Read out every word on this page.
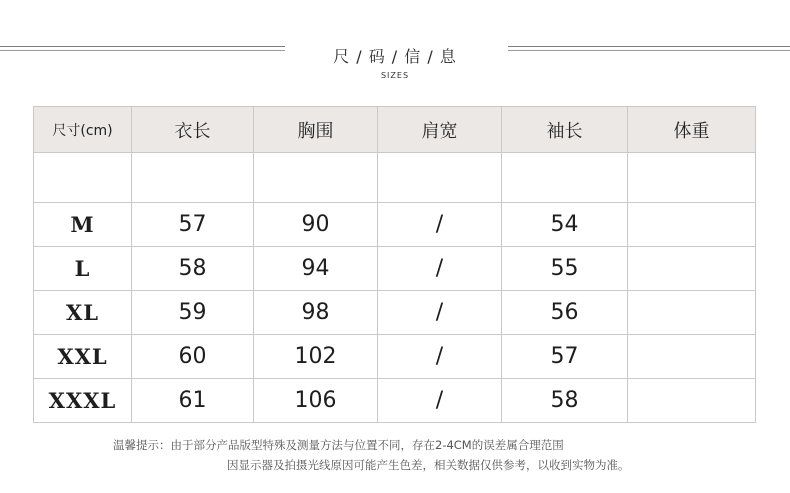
尺 / 码 / 信 / 息
SIZES
尺寸(cm)	衣长	胸围	肩宽	袖长	体重

M	57	90	/	54	
L	58	94	/	55	
XL	59	98	/	56	
XXL	60	102	/	57	
XXXL	61	106	/	58	
温馨提示：由于部分产品版型特殊及测量方法与位置不同，存在2-4CM的误差属合理范围
因显示器及拍摄光线原因可能产生色差，相关数据仅供参考，以收到实物为准。
